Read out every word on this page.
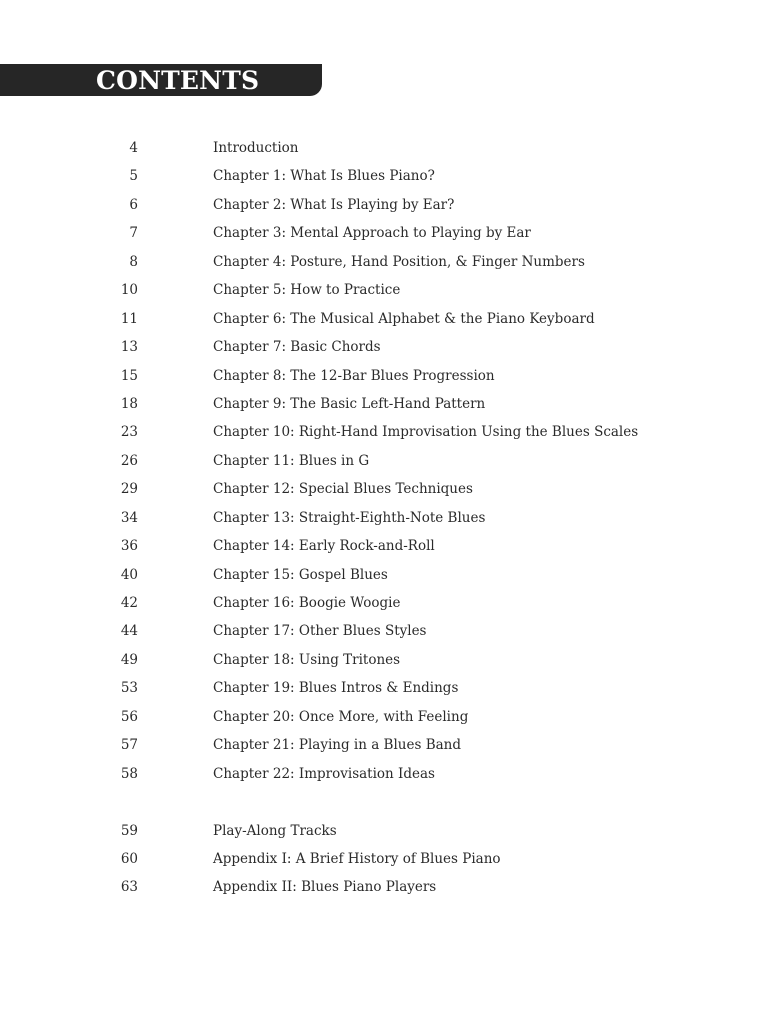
CONTENTS
4	Introduction
5	Chapter 1: What Is Blues Piano?
6	Chapter 2: What Is Playing by Ear?
7	Chapter 3: Mental Approach to Playing by Ear
8	Chapter 4: Posture, Hand Position, & Finger Numbers
10	Chapter 5: How to Practice
11	Chapter 6: The Musical Alphabet & the Piano Keyboard
13	Chapter 7: Basic Chords
15	Chapter 8: The 12-Bar Blues Progression
18	Chapter 9: The Basic Left-Hand Pattern
23	Chapter 10: Right-Hand Improvisation Using the Blues Scales
26	Chapter 11: Blues in G
29	Chapter 12: Special Blues Techniques
34	Chapter 13: Straight-Eighth-Note Blues
36	Chapter 14: Early Rock-and-Roll
40	Chapter 15: Gospel Blues
42	Chapter 16: Boogie Woogie
44	Chapter 17: Other Blues Styles
49	Chapter 18: Using Tritones
53	Chapter 19: Blues Intros & Endings
56	Chapter 20: Once More, with Feeling
57	Chapter 21: Playing in a Blues Band
58	Chapter 22: Improvisation Ideas
59	Play-Along Tracks
60	Appendix I: A Brief History of Blues Piano
63	Appendix II: Blues Piano Players
